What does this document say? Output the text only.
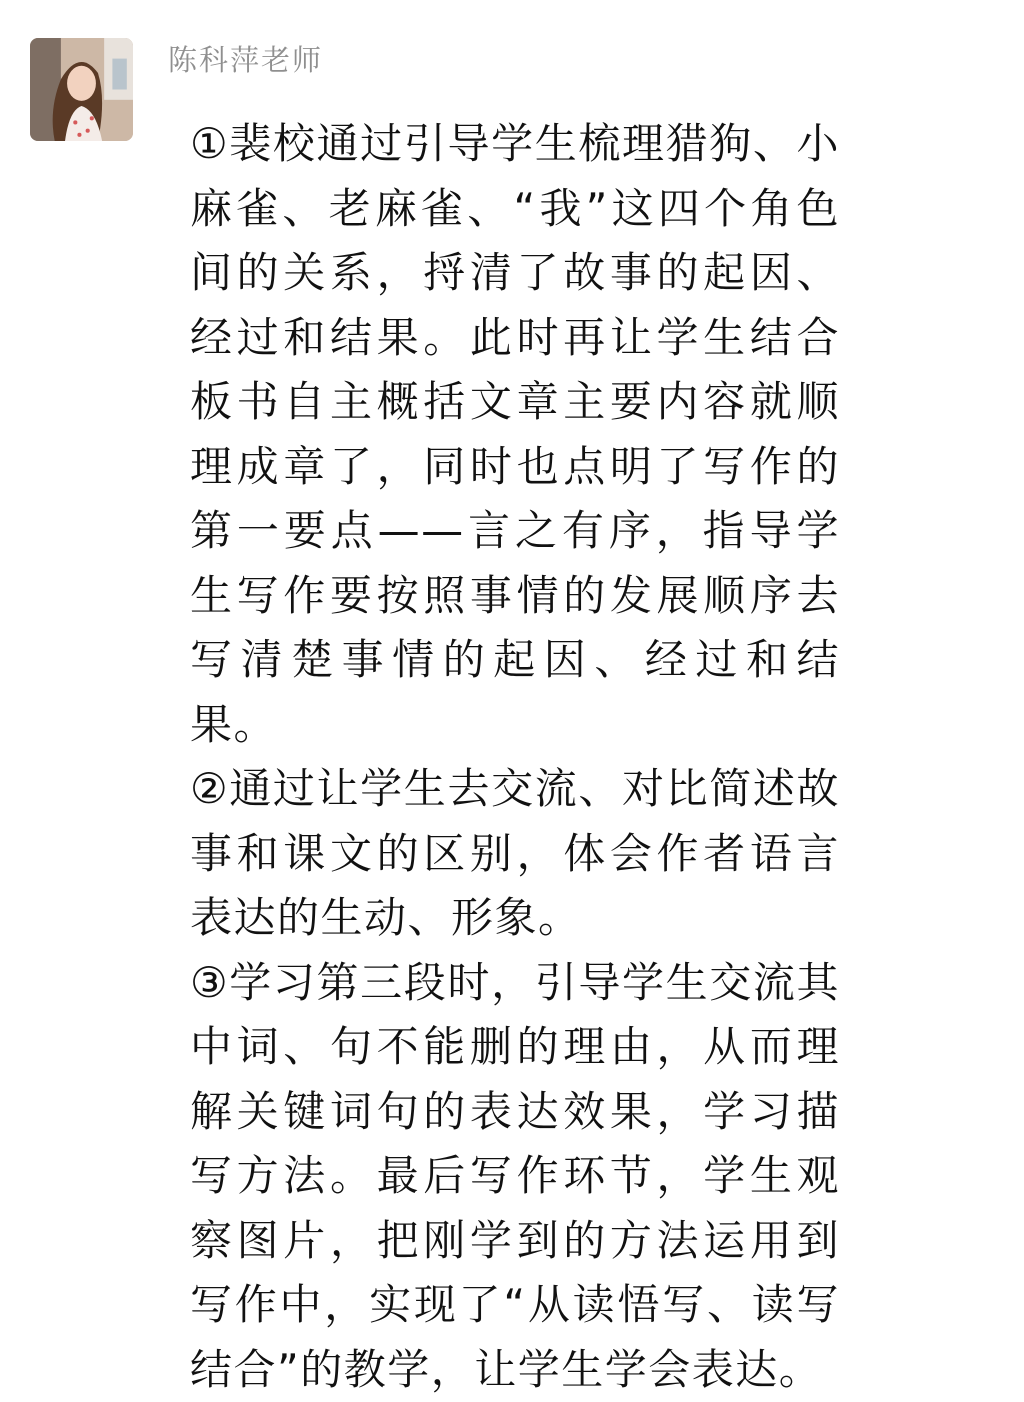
陈科萍老师

①裴校通过引导学生梳理猎狗、小麻雀、老麻雀、“我”这四个角色间的关系，捋清了故事的起因、经过和结果。此时再让学生结合板书自主概括文章主要内容就顺理成章了，同时也点明了写作的第一要点——言之有序，指导学生写作要按照事情的发展顺序去写清楚事情的起因、经过和结果。

②通过让学生去交流、对比简述故事和课文的区别，体会作者语言表达的生动、形象。

③学习第三段时，引导学生交流其中词、句不能删的理由，从而理解关键词句的表达效果，学习描写方法。最后写作环节，学生观察图片，把刚学到的方法运用到写作中，实现了“从读悟写、读写结合”的教学，让学生学会表达。
